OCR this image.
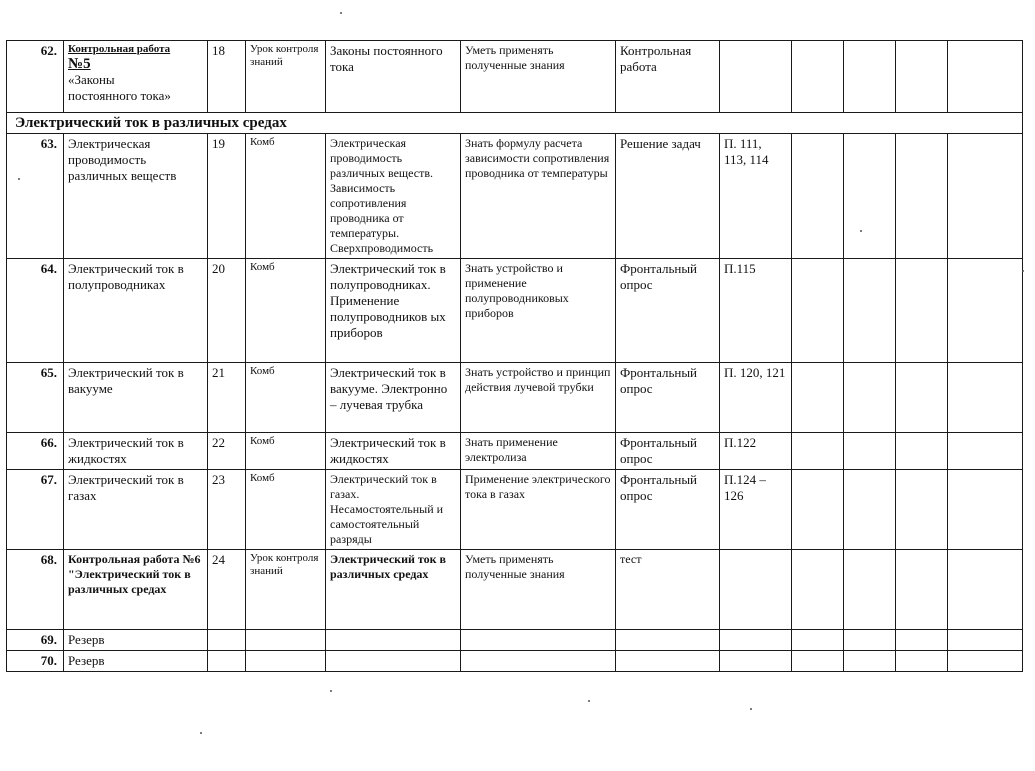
62.	Контрольная работа
№5
«Законы
постоянного тока»	18	Урок контроля знаний	Законы постоянного тока	Уметь применять полученные знания	Контрольная работа					
Электрический ток в различных средах											
63.	Электрическая проводимость различных веществ	19	Комб	Электрическая проводимость различных веществ. Зависимость сопротивления проводника от температуры. Сверхпроводимость	Знать формулу расчета зависимости сопротивления проводника от температуры	Решение задач	П. 111, 113, 114				
64.	Электрический ток в полупроводниках	20	Комб	Электрический ток в полупроводниках. Применение полупроводников ых приборов	Знать устройство и применение полупроводниковых приборов	Фронтальный опрос	П.115				
65.	Электрический ток в вакууме	21	Комб	Электрический ток в вакууме. Электронно – лучевая трубка	Знать устройство и принцип действия лучевой трубки	Фронтальный опрос	П. 120, 121				
66.	Электрический ток в жидкостях	22	Комб	Электрический ток в жидкостях	Знать применение электролиза	Фронтальный опрос	П.122				
67.	Электрический ток в газах	23	Комб	Электрический ток в газах. Несамостоятельный и самостоятельный разряды	Применение электрического тока в газах	Фронтальный опрос	П.124 – 126				
68.	Контрольная работа №6 "Электрический ток в различных средах	24	Урок контроля знаний	Электрический ток в различных средах	Уметь применять полученные знания	тест					
69.	Резерв										
70.	Резерв										
